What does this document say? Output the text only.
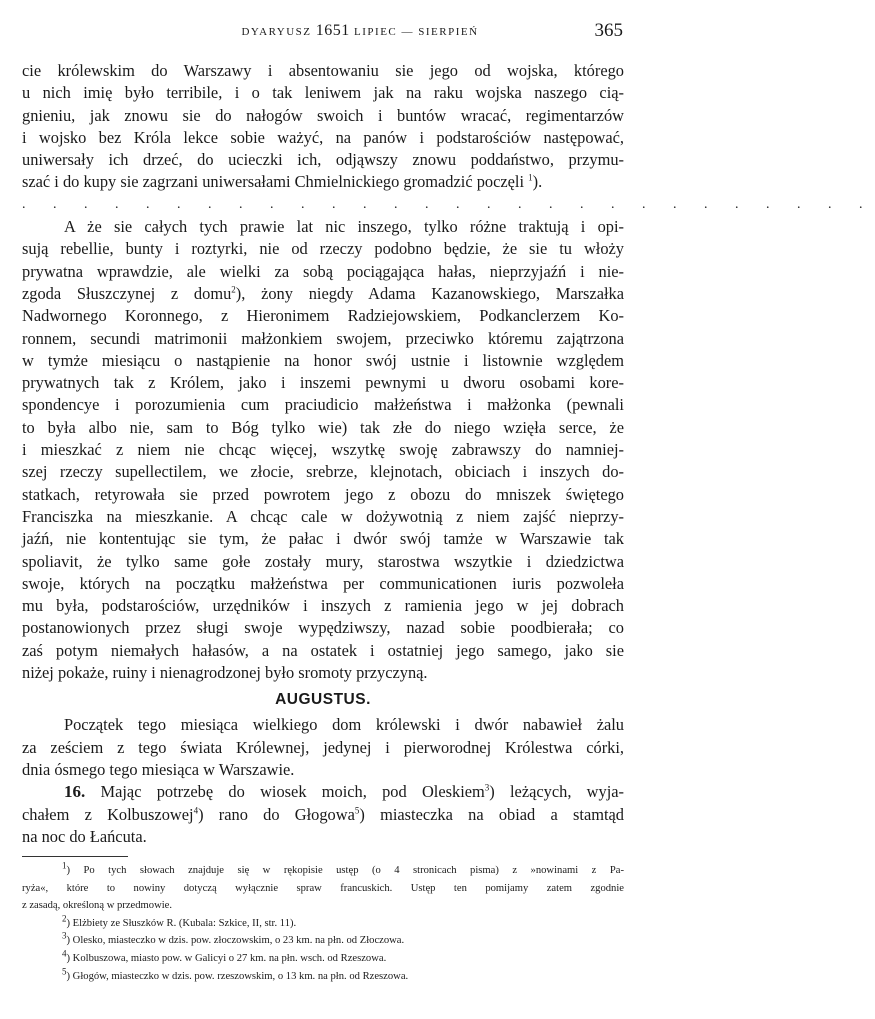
DYARYUSZ 1651 LIPIEC — SIERPIEŃ	365
cie królewskim do Warszawy i absentowaniu sie jego od wojska, którego
u nich imię było terribile, i o tak leniwem jak na raku wojska naszego cią-
gnieniu, jak znowu sie do nałogów swoich i buntów wracać, regimentarzów
i wojsko bez Króla lekce sobie ważyć, na panów i podstarościów następować,
uniwersały ich drzeć, do ucieczki ich, odjąwszy znowu poddaństwo, przymu-
szać i do kupy sie zagrzani uniwersałami Chmielnickiego gromadzić poczęli $^1$).
. . . . . . . . . . . . . . . . . . . . . . . . . . . .
A że sie całych tych prawie lat nic inszego, tylko różne traktują i opi-
sują rebellie, bunty i roztyrki, nie od rzeczy podobno będzie, że sie tu włoży
prywatna wprawdzie, ale wielki za sobą pociągająca hałas, nieprzyjaźń i nie-
zgoda Słuszczynej z domu$^2$), żony niegdy Adama Kazanowskiego, Marszałka
Nadwornego Koronnego, z Hieronimem Radziejowskiem, Podkanclerzem Ko-
ronnem, secundi matrimonii małżonkiem swojem, przeciwko któremu zajątrzona
w tymże miesiącu o nastąpienie na honor swój ustnie i listownie względem
prywatnych tak z Królem, jako i inszemi pewnymi u dworu osobami kore-
spondencye i porozumienia cum praciudicio małżeństwa i małżonka (pewnali
to była albo nie, sam to Bóg tylko wie) tak złe do niego wzięła serce, że
i mieszkać z niem nie chcąc więcej, wszytkę swoję zabrawszy do namniej-
szej rzeczy supellectilem, we złocie, srebrze, klejnotach, obiciach i inszych do-
statkach, retyrowała sie przed powrotem jego z obozu do mniszek świętego
Franciszka na mieszkanie. A chcąc cale w dożywotnią z niem zajść nieprzy-
jaźń, nie kontentując sie tym, że pałac i dwór swój tamże w Warszawie tak
spoliavit, że tylko same gołe zostały mury, starostwa wszytkie i dziedzictwa
swoje, których na początku małżeństwa per communicationen iuris pozwoleła
mu była, podstarościów, urzędników i inszych z ramienia jego w jej dobrach
postanowionych przez sługi swoje wypędziwszy, nazad sobie poodbierała; co
zaś potym niemałych hałasów, a na ostatek i ostatniej jego samego, jako sie
niżej pokaże, ruiny i nienagrodzonej było sromoty przyczyną.
AUGUSTUS.
Początek tego miesiąca wielkiego dom królewski i dwór nabawieł żalu
za ześciem z tego świata Królewnej, jedynej i pierworodnej Królestwa córki,
dnia ósmego tego miesiąca w Warszawie.
16. Mając potrzebę do wiosek moich, pod Oleskiem$^3$) leżących, wyja-
chałem z Kolbuszowej$^4$) rano do Głogowa$^5$) miasteczka na obiad a stamtąd
na noc do Łańcuta.
$^1$) Po tych słowach znajduje się w rękopisie ustęp (o 4 stronicach pisma) z »nowinami z Pa-
ryża«, które to nowiny dotyczą wyłącznie spraw francuskich. Ustęp ten pomijamy zatem zgodnie
z zasadą, określoną w przedmowie.
$^2$) Elżbiety ze Słuszków R. (Kubala: Szkice, II, str. 11).
$^3$) Olesko, miasteczko w dzis. pow. złoczowskim, o 23 km. na płn. od Złoczowa.
$^4$) Kolbuszowa, miasto pow. w Galicyi o 27 km. na płn. wsch. od Rzeszowa.
$^5$) Głogów, miasteczko w dzis. pow. rzeszowskim, o 13 km. na płn. od Rzeszowa.
